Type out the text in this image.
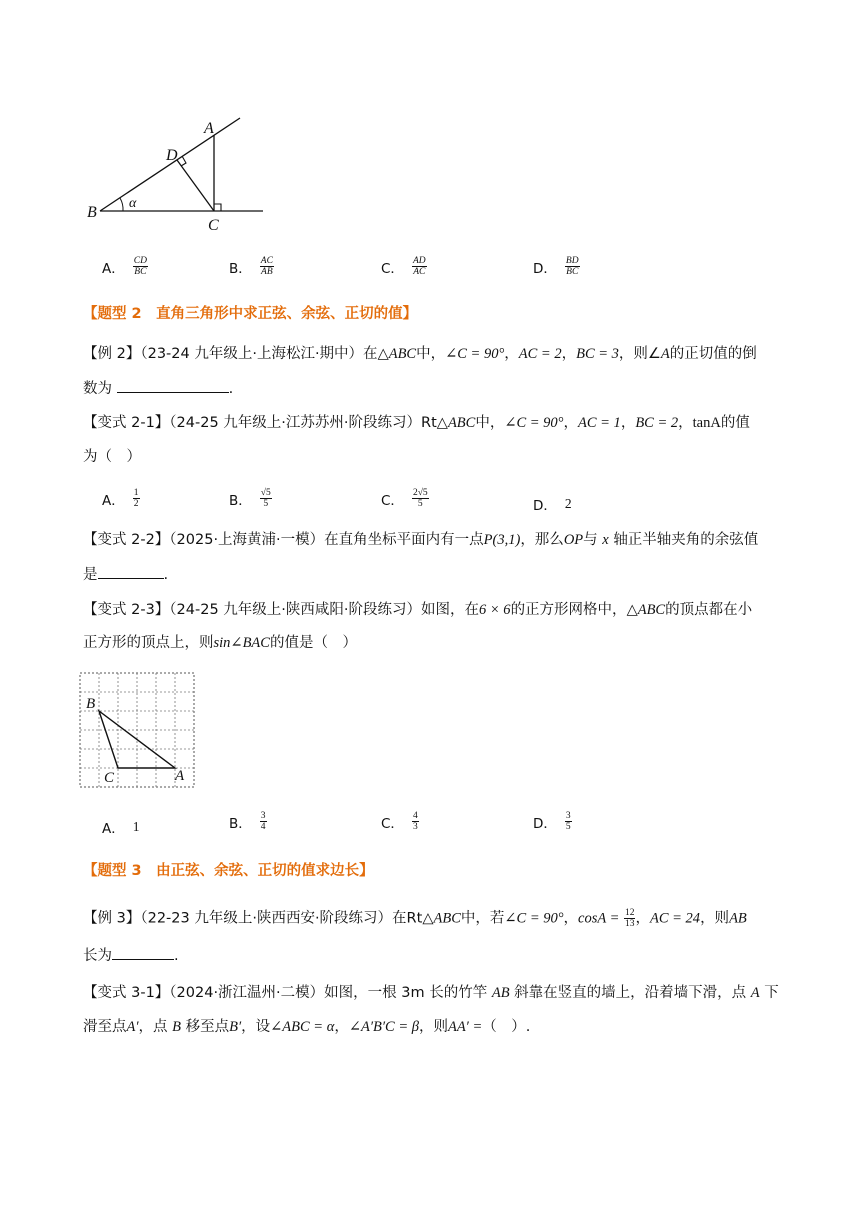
A
D
B
C
α
A． $\frac{CD}{BC}$	B． $\frac{AC}{AB}$	C． $\frac{AD}{AC}$	D． $\frac{BD}{BC}$
【题型 2　直角三角形中求正弦、余弦、正切的值】
【例 2】（23-24 九年级上·上海松江·期中）在△ABC中，∠C = 90°，AC = 2，BC = 3，则∠A的正切值的倒
数为	.
【变式 2-1】（24-25 九年级上·江苏苏州·阶段练习）Rt△ABC中，∠C = 90°，AC = 1，BC = 2，tanA的值
为（　）
A． $\frac{1}{2}$	B． $\frac{√5}{5}$	C． $\frac{2√5}{5}$	D． 2
【变式 2-2】（2025·上海黄浦·一模）在直角坐标平面内有一点P(3,1)，那么OP与 x 轴正半轴夹角的余弦值
是	.
【变式 2-3】（24-25 九年级上·陕西咸阳·阶段练习）如图，在6 × 6的正方形网格中，△ABC的顶点都在小
正方形的顶点上，则sin∠BAC的值是（　）
B
C	A
A． 1	B． $\frac{3}{4}$	C． $\frac{4}{3}$	D． $\frac{3}{5}$
【题型 3　由正弦、余弦、正切的值求边长】
【例 3】（22-23 九年级上·陕西西安·阶段练习）在Rt△ABC中，若∠C = 90°，$\cos A = \frac{12}{13}$ ，AC = 24，则AB
长为	.
【变式 3-1】（2024·浙江温州·二模）如图，一根 3m 长的竹竿 AB 斜靠在竖直的墙上，沿着墙下滑，点 A 下
滑至点A′，点 B 移至点B′，设∠ABC = α，∠A′B′C = β，则AA′ =（　）.
